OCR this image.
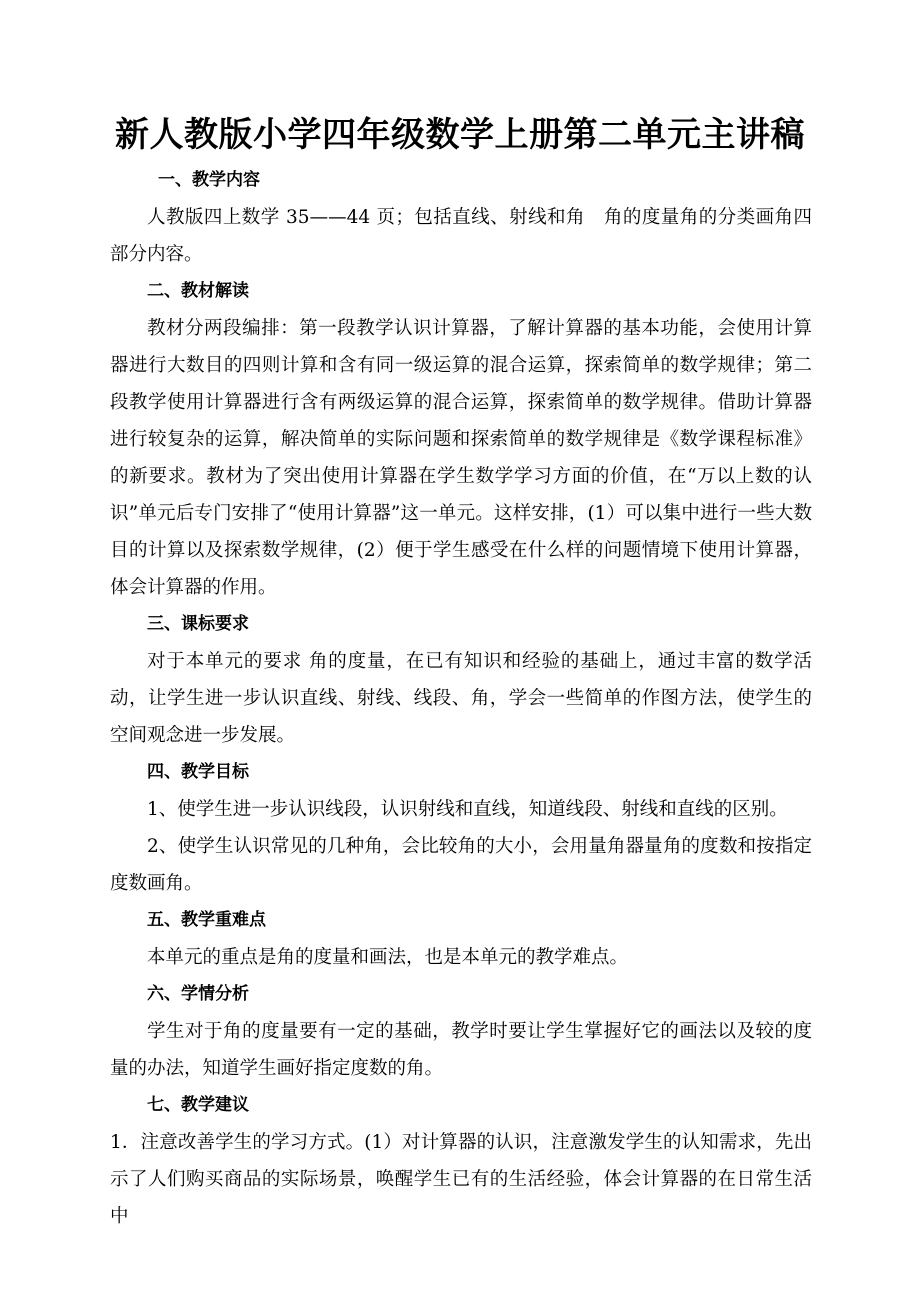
新人教版小学四年级数学上册第二单元主讲稿

一、教学内容

人教版四上数学 35——44 页；包括直线、射线和角　角的度量角的分类画角四部分内容。

二、教材解读

教材分两段编排：第一段教学认识计算器，了解计算器的基本功能，会使用计算器进行大数目的四则计算和含有同一级运算的混合运算，探索简单的数学规律；第二段教学使用计算器进行含有两级运算的混合运算，探索简单的数学规律。借助计算器进行较复杂的运算，解决简单的实际问题和探索简单的数学规律是《数学课程标准》的新要求。教材为了突出使用计算器在学生数学学习方面的价值，在“万以上数的认识”单元后专门安排了“使用计算器”这一单元。这样安排，(1）可以集中进行一些大数目的计算以及探索数学规律，(2）便于学生感受在什么样的问题情境下使用计算器，体会计算器的作用。

三、课标要求

对于本单元的要求 角的度量，在已有知识和经验的基础上，通过丰富的数学活动，让学生进一步认识直线、射线、线段、角，学会一些简单的作图方法，使学生的空间观念进一步发展。

四、教学目标

1、使学生进一步认识线段，认识射线和直线，知道线段、射线和直线的区别。

2、使学生认识常见的几种角，会比较角的大小，会用量角器量角的度数和按指定度数画角。

五、教学重难点

本单元的重点是角的度量和画法，也是本单元的教学难点。

六、学情分析

学生对于角的度量要有一定的基础，教学时要让学生掌握好它的画法以及较的度量的办法，知道学生画好指定度数的角。

七、教学建议

1．注意改善学生的学习方式。(1）对计算器的认识，注意激发学生的认知需求，先出示了人们购买商品的实际场景，唤醒学生已有的生活经验，体会计算器的在日常生活中
